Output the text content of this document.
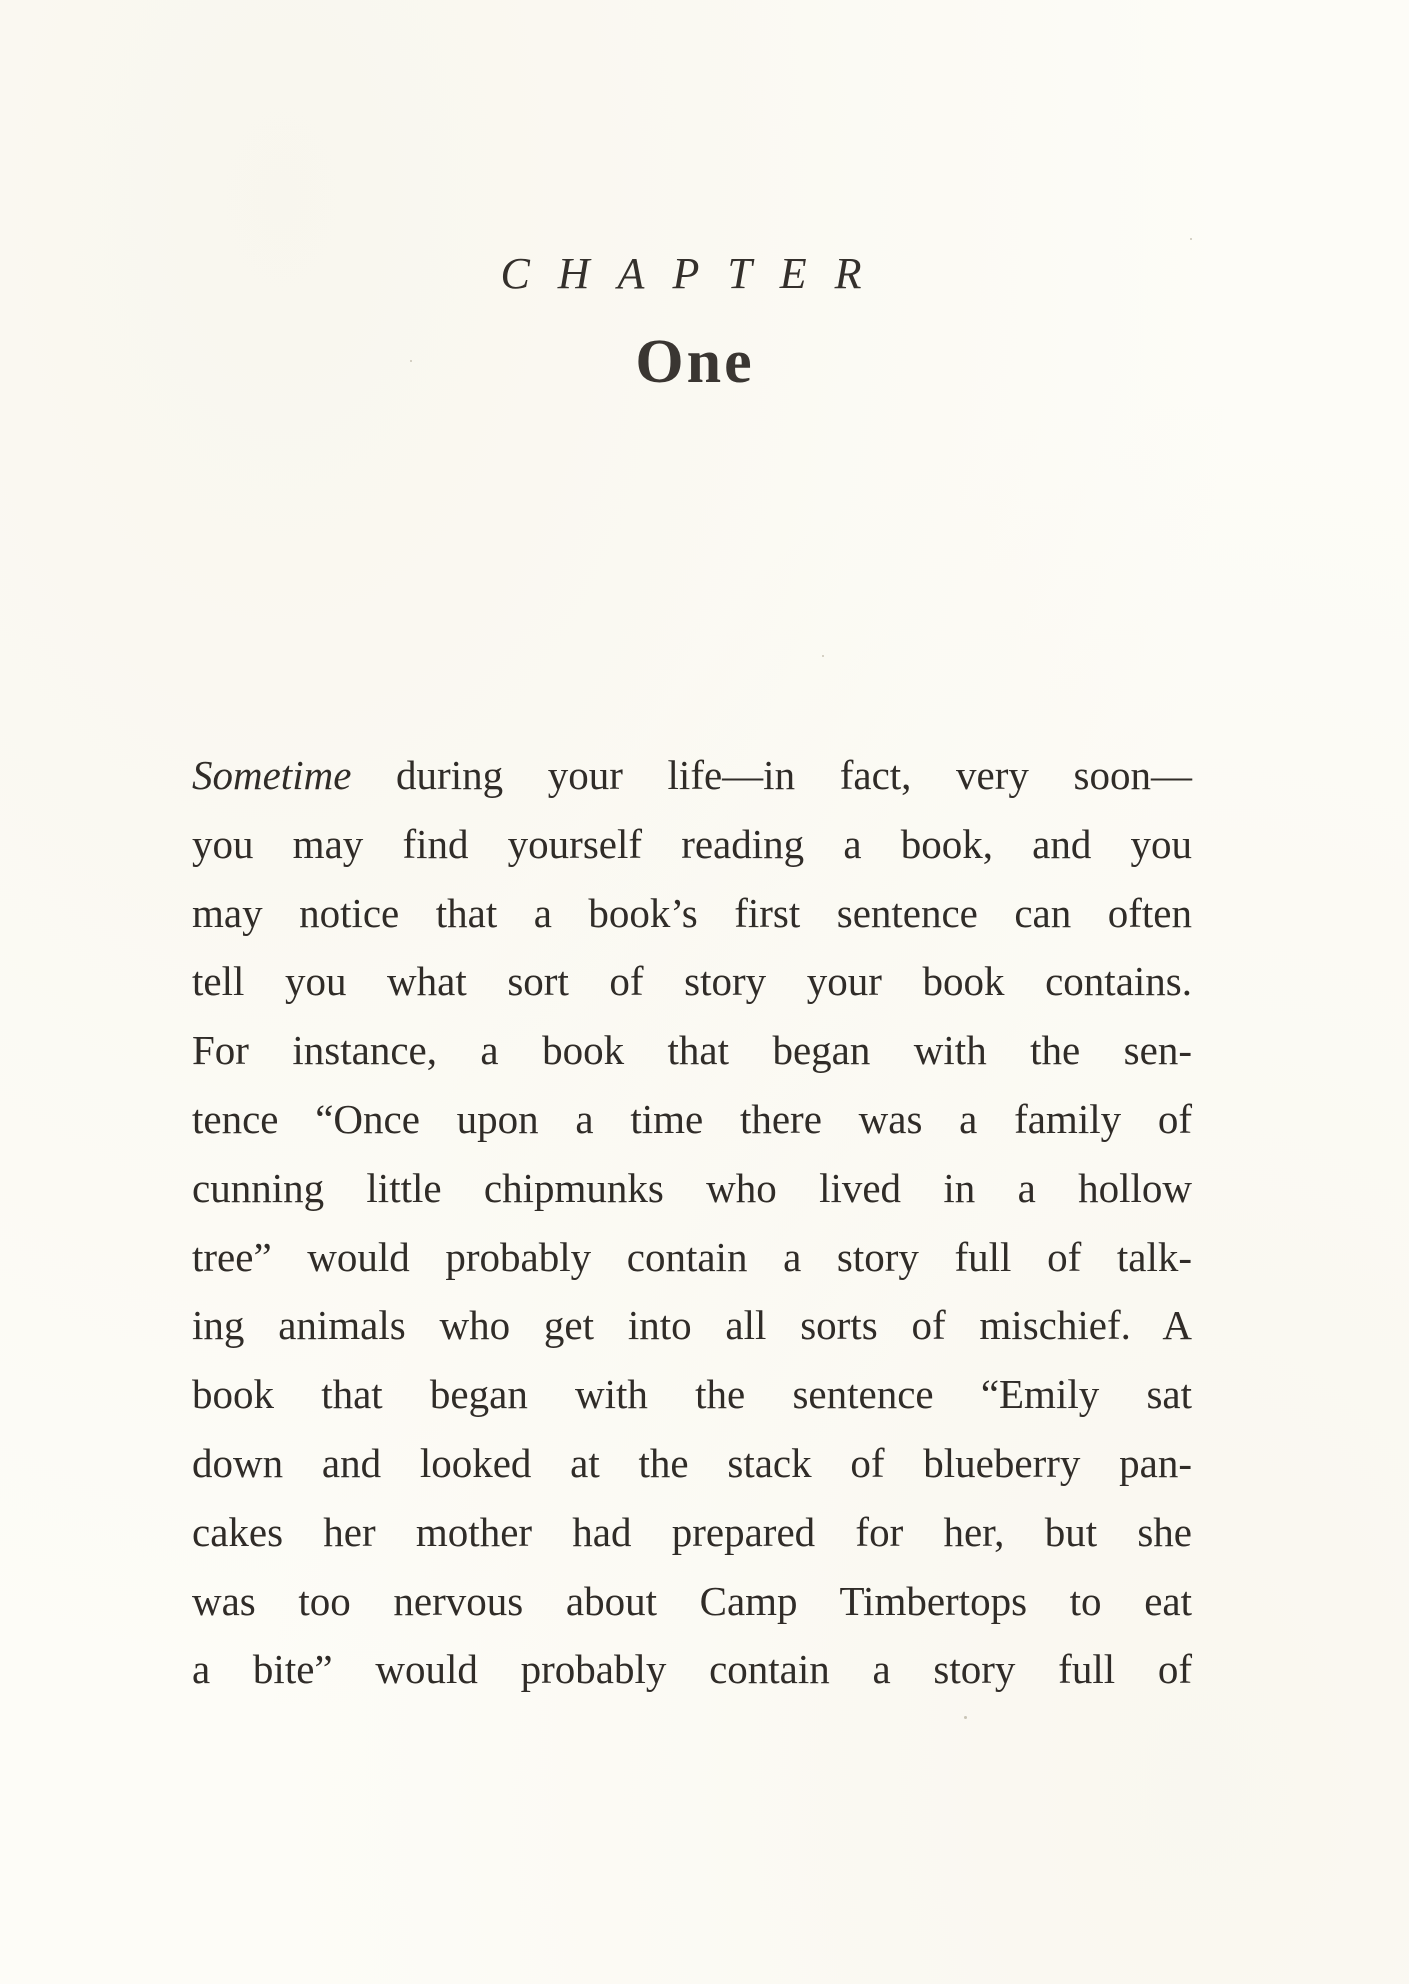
CHAPTER
One

Sometime during your life—in fact, very soon—
you may find yourself reading a book, and you
may notice that a book’s first sentence can often
tell you what sort of story your book contains.
For instance, a book that began with the sen-
tence “Once upon a time there was a family of
cunning little chipmunks who lived in a hollow
tree” would probably contain a story full of talk-
ing animals who get into all sorts of mischief. A
book that began with the sentence “Emily sat
down and looked at the stack of blueberry pan-
cakes her mother had prepared for her, but she
was too nervous about Camp Timbertops to eat
a bite” would probably contain a story full of
